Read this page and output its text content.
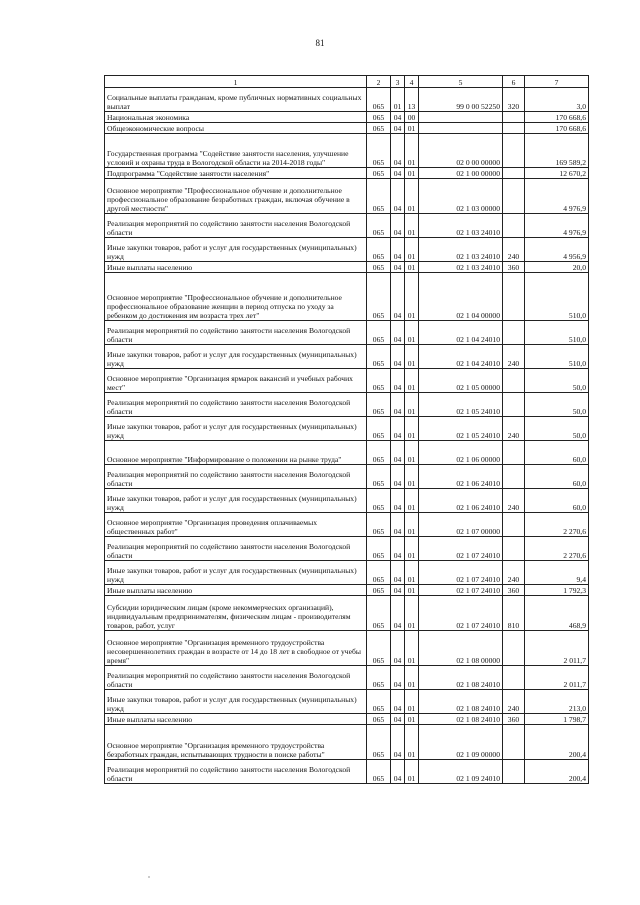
81
1	2	3	4	5	6	7
Социальные выплаты гражданам, кроме публичных нормативных социальных выплат	065	01	13	99 0 00 52250	320	3,0
Национальная экономика	065	04	00			170 668,6
Общеэкономические вопросы	065	04	01			170 668,6
Государственная программа "Содействие занятости населения, улучшение условий и охраны труда в Вологодской области на 2014-2018 годы"	065	04	01	02 0 00 00000		169 589,2
Подпрограмма "Содействие занятости населения"	065	04	01	02 1 00 00000		12 670,2
Основное мероприятие "Профессиональное обучение и дополнительное профессиональное образование безработных граждан, включая обучение в другой местности"	065	04	01	02 1 03 00000		4 976,9
Реализация мероприятий по содействию занятости населения Вологодской области	065	04	01	02 1 03 24010		4 976,9
Иные закупки товаров, работ и услуг для государственных (муниципальных) нужд	065	04	01	02 1 03 24010	240	4 956,9
Иные выплаты населению	065	04	01	02 1 03 24010	360	20,0
Основное мероприятие "Профессиональное обучение и дополнительное профессиональное образование женщин в период отпуска по уходу за ребенком до достижения им возраста трех лет"	065	04	01	02 1 04 00000		510,0
Реализация мероприятий по содействию занятости населения Вологодской области	065	04	01	02 1 04 24010		510,0
Иные закупки товаров, работ и услуг для государственных (муниципальных) нужд	065	04	01	02 1 04 24010	240	510,0
Основное мероприятие "Организация ярмарок вакансий и учебных рабочих мест"	065	04	01	02 1 05 00000		50,0
Реализация мероприятий по содействию занятости населения Вологодской области	065	04	01	02 1 05 24010		50,0
Иные закупки товаров, работ и услуг для государственных (муниципальных) нужд	065	04	01	02 1 05 24010	240	50,0
Основное мероприятие "Информирование о положении на рынке труда"	065	04	01	02 1 06 00000		60,0
Реализация мероприятий по содействию занятости населения Вологодской области	065	04	01	02 1 06 24010		60,0
Иные закупки товаров, работ и услуг для государственных (муниципальных) нужд	065	04	01	02 1 06 24010	240	60,0
Основное мероприятие "Организация проведения оплачиваемых общественных работ"	065	04	01	02 1 07 00000		2 270,6
Реализация мероприятий по содействию занятости населения Вологодской области	065	04	01	02 1 07 24010		2 270,6
Иные закупки товаров, работ и услуг для государственных (муниципальных) нужд	065	04	01	02 1 07 24010	240	9,4
Иные выплаты населению	065	04	01	02 1 07 24010	360	1 792,3
Субсидии юридическим лицам (кроме некоммерческих организаций), индивидуальным предпринимателям, физическим лицам - производителям товаров, работ, услуг	065	04	01	02 1 07 24010	810	468,9
Основное мероприятие "Организация временного трудоустройства несовершеннолетних граждан в возрасте от 14 до 18 лет в свободное от учебы время"	065	04	01	02 1 08 00000		2 011,7
Реализация мероприятий по содействию занятости населения Вологодской области	065	04	01	02 1 08 24010		2 011,7
Иные закупки товаров, работ и услуг для государственных (муниципальных) нужд	065	04	01	02 1 08 24010	240	213,0
Иные выплаты населению	065	04	01	02 1 08 24010	360	1 798,7
Основное мероприятие "Организация временного трудоустройства безработных граждан, испытывающих трудности в поиске работы"	065	04	01	02 1 09 00000		200,4
Реализация мероприятий по содействию занятости населения Вологодской области	065	04	01	02 1 09 24010		200,4
